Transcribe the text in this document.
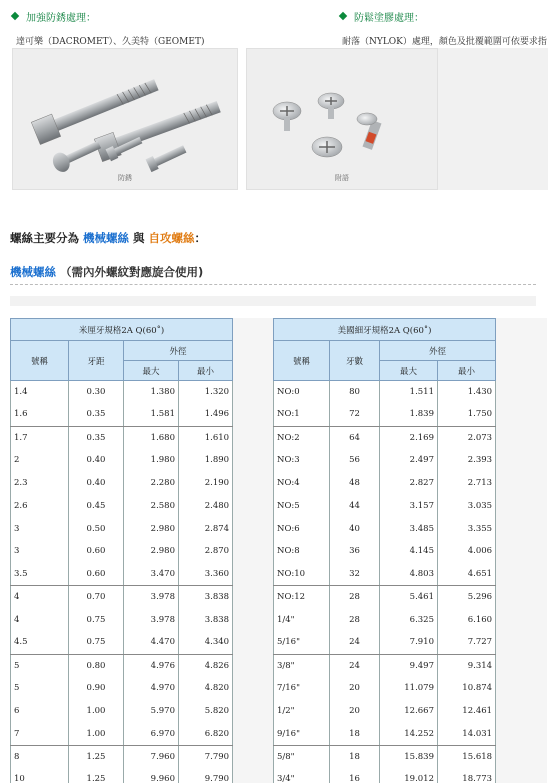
加強防銹處理：
達可樂（DACROMET）、久美特（GEOMET)
防鬆塗膠處理：
耐落（NYLOK）處理，顏色及批覆範圍可依要求指
防銹	附語
螺絲主要分為 機械螺絲 與 自攻螺絲：
機械螺絲 （需內外螺紋對應旋合使用)
米厘牙規格2A Q(60˚)			
號稱	牙距	外徑	
		最大	最小
1.4	0.30	1.380	1.320
1.6	0.35	1.581	1.496
1.7	0.35	1.680	1.610
2	0.40	1.980	1.890
2.3	0.40	2.280	2.190
2.6	0.45	2.580	2.480
3	0.50	2.980	2.874
3	0.60	2.980	2.870
3.5	0.60	3.470	3.360
4	0.70	3.978	3.838
4	0.75	3.978	3.838
4.5	0.75	4.470	4.340
5	0.80	4.976	4.826
5	0.90	4.970	4.820
6	1.00	5.970	5.820
7	1.00	6.970	6.820
8	1.25	7.960	7.790
10	1.25	9.960	9.790
美國細牙規格2A Q(60˚)			
號稱	牙數	外徑	
		最大	最小
NO:0	80	1.511	1.430
NO:1	72	1.839	1.750
NO:2	64	2.169	2.073
NO:3	56	2.497	2.393
NO:4	48	2.827	2.713
NO:5	44	3.157	3.035
NO:6	40	3.485	3.355
NO:8	36	4.145	4.006
NO:10	32	4.803	4.651
NO:12	28	5.461	5.296
1/4"	28	6.325	6.160
5/16"	24	7.910	7.727
3/8"	24	9.497	9.314
7/16"	20	11.079	10.874
1/2"	20	12.667	12.461
9/16"	18	14.252	14.031
5/8"	18	15.839	15.618
3/4"	16	19.012	18.773
